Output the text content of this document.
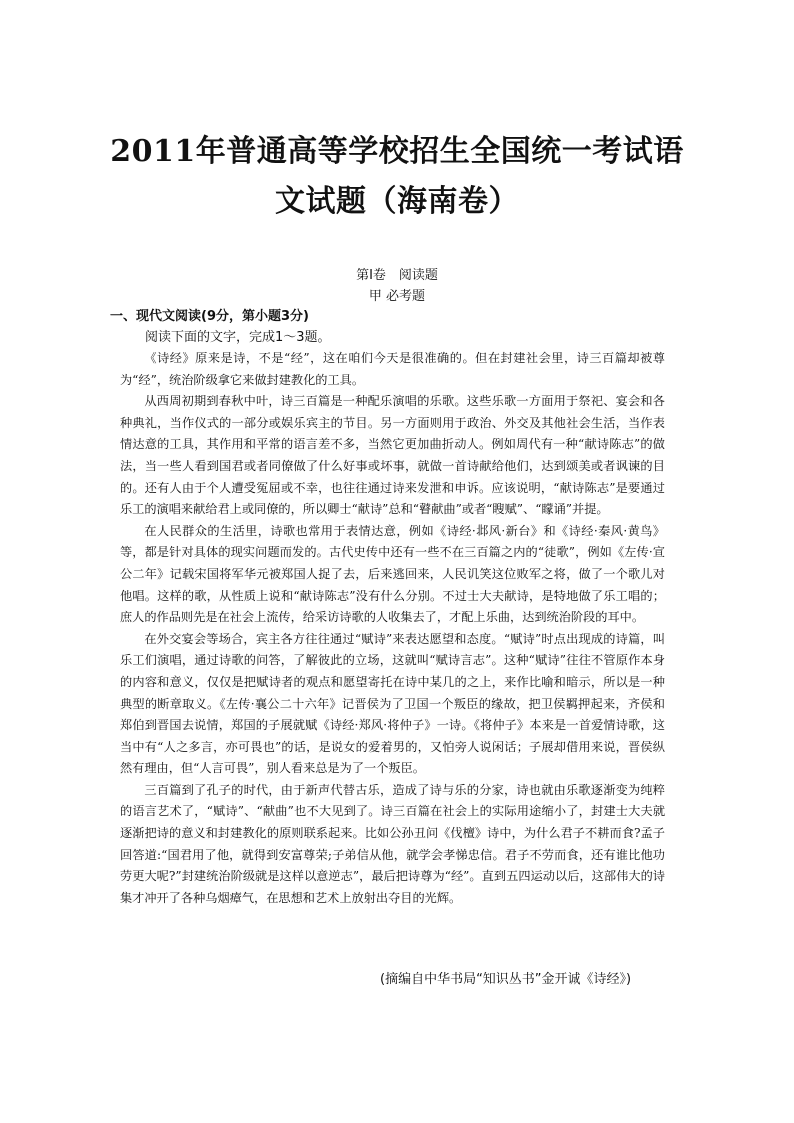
2011年普通高等学校招生全国统一考试语
文试题（海南卷）
第Ⅰ卷　阅读题
甲 必考题
一、现代文阅读(9分，第小题3分)
阅读下面的文字，完成1～3题。

《诗经》原来是诗，不是“经”，这在咱们今天是很准确的。但在封建社会里，诗三百篇却被尊为“经”，统治阶级拿它来做封建教化的工具。

从西周初期到春秋中叶，诗三百篇是一种配乐演唱的乐歌。这些乐歌一方面用于祭祀、宴会和各种典礼，当作仪式的一部分或娱乐宾主的节目。另一方面则用于政治、外交及其他社会生活，当作表情达意的工具，其作用和平常的语言差不多，当然它更加曲折动人。例如周代有一种“献诗陈志”的做法，当一些人看到国君或者同僚做了什么好事或坏事，就做一首诗献给他们，达到颂美或者讽谏的目的。还有人由于个人遭受冤屈或不幸，也往往通过诗来发泄和申诉。应该说明，“献诗陈志”是要通过乐工的演唱来献给君上或同僚的，所以卿士“献诗”总和“瞽献曲”或者“瞍赋”、“矇诵”并提。

在人民群众的生活里，诗歌也常用于表情达意，例如《诗经·邶风·新台》和《诗经·秦风·黄鸟》等，都是针对具体的现实问题而发的。古代史传中还有一些不在三百篇之内的“徒歌”，例如《左传·宣公二年》记载宋国将军华元被郑国人捉了去，后来逃回来，人民讥笑这位败军之将，做了一个歌儿对他唱。这样的歌，从性质上说和“献诗陈志”没有什么分别。不过士大夫献诗，是特地做了乐工唱的；庶人的作品则先是在社会上流传，给采访诗歌的人收集去了，才配上乐曲，达到统治阶段的耳中。

在外交宴会等场合，宾主各方往往通过“赋诗”来表达愿望和态度。“赋诗”时点出现成的诗篇，叫乐工们演唱，通过诗歌的问答，了解彼此的立场，这就叫“赋诗言志”。这种“赋诗”往往不管原作本身的内容和意义，仅仅是把赋诗者的观点和愿望寄托在诗中某几的之上，来作比喻和暗示，所以是一种典型的断章取义。《左传·襄公二十六年》记晋侯为了卫国一个叛臣的缘故，把卫侯羁押起来，齐侯和郑伯到晋国去说情，郑国的子展就赋《诗经·郑风·将仲子》一诗。《将仲子》本来是一首爱情诗歌，这当中有“人之多言，亦可畏也”的话，是说女的爱着男的，又怕旁人说闲话；子展却借用来说，晋侯纵然有理由，但“人言可畏”，别人看来总是为了一个叛臣。

三百篇到了孔子的时代，由于新声代替古乐，造成了诗与乐的分家，诗也就由乐歌逐渐变为纯粹的语言艺术了，“赋诗”、“献曲”也不大见到了。诗三百篇在社会上的实际用途缩小了，封建士大夫就逐渐把诗的意义和封建教化的原则联系起来。比如公孙丑问《伐檀》诗中，为什么君子不耕而食?孟子回答道:“国君用了他，就得到安富尊荣;子弟信从他，就学会孝悌忠信。君子不劳而食，还有谁比他功劳更大呢?”封建统治阶级就是这样以意逆志”，最后把诗尊为“经”。直到五四运动以后，这部伟大的诗集才冲开了各种乌烟瘴气，在思想和艺术上放射出夺目的光辉。

(摘编自中华书局“知识丛书”金开诚《诗经》)
